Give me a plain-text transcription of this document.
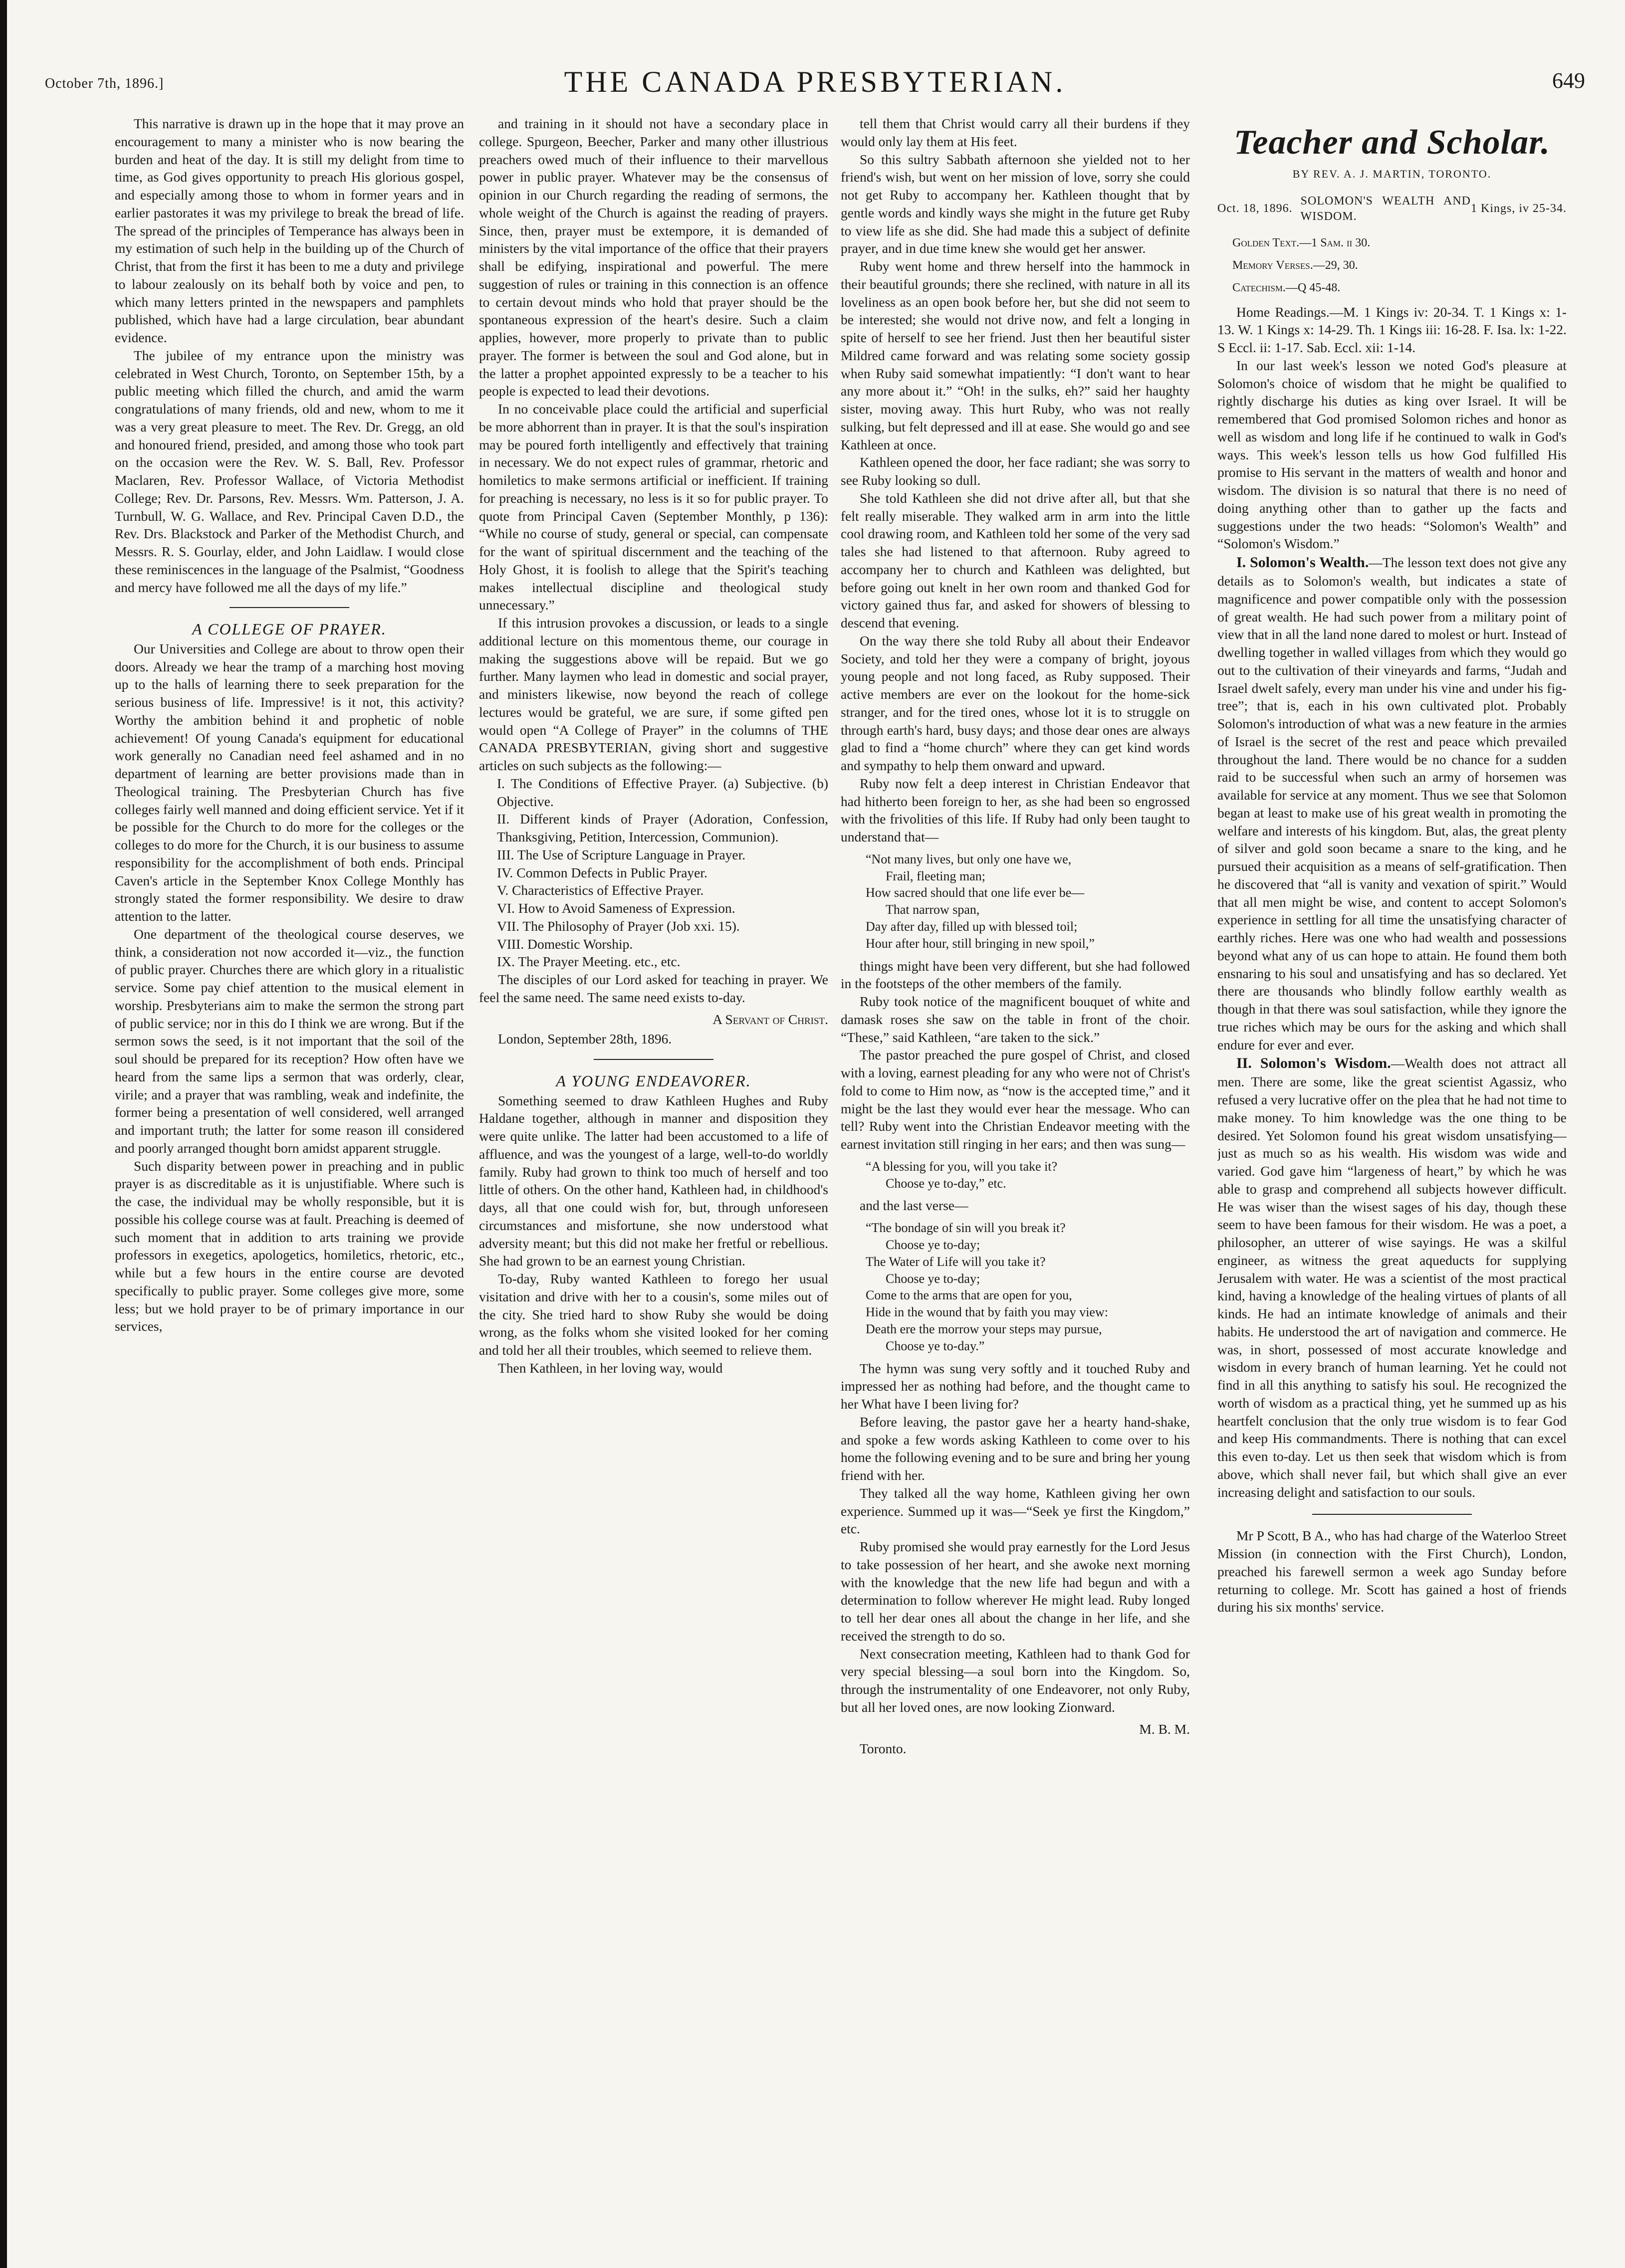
October 7th, 1896.]	THE CANADA PRESBYTERIAN.	649

This narrative is drawn up in the hope that it may prove an encouragement to many a minister who is now bearing the burden and heat of the day. It is still my delight from time to time, as God gives opportunity to preach His glorious gospel, and especially among those to whom in former years and in earlier pastorates it was my privilege to break the bread of life. The spread of the principles of Temperance has always been in my estimation of such help in the building up of the Church of Christ, that from the first it has been to me a duty and privilege to labour zealously on its behalf both by voice and pen, to which many letters printed in the newspapers and pamphlets published, which have had a large circulation, bear abundant evidence.

The jubilee of my entrance upon the ministry was celebrated in West Church, Toronto, on September 15th, by a public meeting which filled the church, and amid the warm congratulations of many friends, old and new, whom to me it was a very great pleasure to meet. The Rev. Dr. Gregg, an old and honoured friend, presided, and among those who took part on the occasion were the Rev. W. S. Ball, Rev. Professor Maclaren, Rev. Professor Wallace, of Victoria Methodist College; Rev. Dr. Parsons, Rev. Messrs. Wm. Patterson, J. A. Turnbull, W. G. Wallace, and Rev. Principal Caven D.D., the Rev. Drs. Blackstock and Parker of the Methodist Church, and Messrs. R. S. Gourlay, elder, and John Laidlaw. I would close these reminiscences in the language of the Psalmist, “Goodness and mercy have followed me all the days of my life.”

A COLLEGE OF PRAYER.

Our Universities and College are about to throw open their doors. Already we hear the tramp of a marching host moving up to the halls of learning there to seek preparation for the serious business of life. Impressive! is it not, this activity? Worthy the ambition behind it and prophetic of noble achievement! Of young Canada's equipment for educational work generally no Canadian need feel ashamed and in no department of learning are better provisions made than in Theological training. The Presbyterian Church has five colleges fairly well manned and doing efficient service. Yet if it be possible for the Church to do more for the colleges or the colleges to do more for the Church, it is our business to assume responsibility for the accomplishment of both ends. Principal Caven's article in the September Knox College Monthly has strongly stated the former responsibility. We desire to draw attention to the latter.

One department of the theological course deserves, we think, a consideration not now accorded it—viz., the function of public prayer. Churches there are which glory in a ritualistic service. Some pay chief attention to the musical element in worship. Presbyterians aim to make the sermon the strong part of public service; nor in this do I think we are wrong. But if the sermon sows the seed, is it not important that the soil of the soul should be prepared for its reception? How often have we heard from the same lips a sermon that was orderly, clear, virile; and a prayer that was rambling, weak and indefinite, the former being a presentation of well considered, well arranged and important truth; the latter for some reason ill considered and poorly arranged thought born amidst apparent struggle.

Such disparity between power in preaching and in public prayer is as discreditable as it is unjustifiable. Where such is the case, the individual may be wholly responsible, but it is possible his college course was at fault. Preaching is deemed of such moment that in addition to arts training we provide professors in exegetics, apologetics, homiletics, rhetoric, etc., while but a few hours in the entire course are devoted specifically to public prayer. Some colleges give more, some less; but we hold prayer to be of primary importance in our services,

and training in it should not have a secondary place in college. Spurgeon, Beecher, Parker and many other illustrious preachers owed much of their influence to their marvellous power in public prayer. Whatever may be the consensus of opinion in our Church regarding the reading of sermons, the whole weight of the Church is against the reading of prayers. Since, then, prayer must be extempore, it is demanded of ministers by the vital importance of the office that their prayers shall be edifying, inspirational and powerful. The mere suggestion of rules or training in this connection is an offence to certain devout minds who hold that prayer should be the spontaneous expression of the heart's desire. Such a claim applies, however, more properly to private than to public prayer. The former is between the soul and God alone, but in the latter a prophet appointed expressly to be a teacher to his people is expected to lead their devotions.

In no conceivable place could the artificial and superficial be more abhorrent than in prayer. It is that the soul's inspiration may be poured forth intelligently and effectively that training in necessary. We do not expect rules of grammar, rhetoric and homiletics to make sermons artificial or inefficient. If training for preaching is necessary, no less is it so for public prayer. To quote from Principal Caven (September Monthly, p 136): “While no course of study, general or special, can compensate for the want of spiritual discernment and the teaching of the Holy Ghost, it is foolish to allege that the Spirit's teaching makes intellectual discipline and theological study unnecessary.”

If this intrusion provokes a discussion, or leads to a single additional lecture on this momentous theme, our courage in making the suggestions above will be repaid. But we go further. Many laymen who lead in domestic and social prayer, and ministers likewise, now beyond the reach of college lectures would be grateful, we are sure, if some gifted pen would open “A College of Prayer” in the columns of THE CANADA PRESBYTERIAN, giving short and suggestive articles on such subjects as the following:—

I. The Conditions of Effective Prayer. (a) Subjective. (b) Objective.

II. Different kinds of Prayer (Adoration, Confession, Thanksgiving, Petition, Intercession, Communion).

III. The Use of Scripture Language in Prayer.

IV. Common Defects in Public Prayer.

V. Characteristics of Effective Prayer.

VI. How to Avoid Sameness of Expression.

VII. The Philosophy of Prayer (Job xxi. 15).

VIII. Domestic Worship.

IX. The Prayer Meeting. etc., etc.

The disciples of our Lord asked for teaching in prayer. We feel the same need. The same need exists to-day.

A Servant of Christ.

London, September 28th, 1896.

A YOUNG ENDEAVORER.

Something seemed to draw Kathleen Hughes and Ruby Haldane together, although in manner and disposition they were quite unlike. The latter had been accustomed to a life of affluence, and was the youngest of a large, well-to-do worldly family. Ruby had grown to think too much of herself and too little of others. On the other hand, Kathleen had, in childhood's days, all that one could wish for, but, through unforeseen circumstances and misfortune, she now understood what adversity meant; but this did not make her fretful or rebellious. She had grown to be an earnest young Christian.

To-day, Ruby wanted Kathleen to forego her usual visitation and drive with her to a cousin's, some miles out of the city. She tried hard to show Ruby she would be doing wrong, as the folks whom she visited looked for her coming and told her all their troubles, which seemed to relieve them.

Then Kathleen, in her loving way, would

tell them that Christ would carry all their burdens if they would only lay them at His feet.

So this sultry Sabbath afternoon she yielded not to her friend's wish, but went on her mission of love, sorry she could not get Ruby to accompany her. Kathleen thought that by gentle words and kindly ways she might in the future get Ruby to view life as she did. She had made this a subject of definite prayer, and in due time knew she would get her answer.

Ruby went home and threw herself into the hammock in their beautiful grounds; there she reclined, with nature in all its loveliness as an open book before her, but she did not seem to be interested; she would not drive now, and felt a longing in spite of herself to see her friend. Just then her beautiful sister Mildred came forward and was relating some society gossip when Ruby said somewhat impatiently: “I don't want to hear any more about it.” “Oh! in the sulks, eh?” said her haughty sister, moving away. This hurt Ruby, who was not really sulking, but felt depressed and ill at ease. She would go and see Kathleen at once.

Kathleen opened the door, her face radiant; she was sorry to see Ruby looking so dull.

She told Kathleen she did not drive after all, but that she felt really miserable. They walked arm in arm into the little cool drawing room, and Kathleen told her some of the very sad tales she had listened to that afternoon. Ruby agreed to accompany her to church and Kathleen was delighted, but before going out knelt in her own room and thanked God for victory gained thus far, and asked for showers of blessing to descend that evening.

On the way there she told Ruby all about their Endeavor Society, and told her they were a company of bright, joyous young people and not long faced, as Ruby supposed. Their active members are ever on the lookout for the home-sick stranger, and for the tired ones, whose lot it is to struggle on through earth's hard, busy days; and those dear ones are always glad to find a “home church” where they can get kind words and sympathy to help them onward and upward.

Ruby now felt a deep interest in Christian Endeavor that had hitherto been foreign to her, as she had been so engrossed with the frivolities of this life. If Ruby had only been taught to understand that—

“Not many lives, but only one have we,
Frail, fleeting man;
How sacred should that one life ever be—
That narrow span,
Day after day, filled up with blessed toil;
Hour after hour, still bringing in new spoil,”

things might have been very different, but she had followed in the footsteps of the other members of the family.

Ruby took notice of the magnificent bouquet of white and damask roses she saw on the table in front of the choir. “These,” said Kathleen, “are taken to the sick.”

The pastor preached the pure gospel of Christ, and closed with a loving, earnest pleading for any who were not of Christ's fold to come to Him now, as “now is the accepted time,” and it might be the last they would ever hear the message. Who can tell? Ruby went into the Christian Endeavor meeting with the earnest invitation still ringing in her ears; and then was sung—

“A blessing for you, will you take it?
Choose ye to-day,” etc.

and the last verse—

“The bondage of sin will you break it?
Choose ye to-day;
The Water of Life will you take it?
Choose ye to-day;
Come to the arms that are open for you,
Hide in the wound that by faith you may view:
Death ere the morrow your steps may pursue,
Choose ye to-day.”

The hymn was sung very softly and it touched Ruby and impressed her as nothing had before, and the thought came to her What have I been living for?

Before leaving, the pastor gave her a hearty hand-shake, and spoke a few words asking Kathleen to come over to his home the following evening and to be sure and bring her young friend with her.

They talked all the way home, Kathleen giving her own experience. Summed up it was—“Seek ye first the Kingdom,” etc.

Ruby promised she would pray earnestly for the Lord Jesus to take possession of her heart, and she awoke next morning with the knowledge that the new life had begun and with a determination to follow wherever He might lead. Ruby longed to tell her dear ones all about the change in her life, and she received the strength to do so.

Next consecration meeting, Kathleen had to thank God for very special blessing—a soul born into the Kingdom. So, through the instrumentality of one Endeavorer, not only Ruby, but all her loved ones, are now looking Zionward.

M. B. M.

Toronto.

Teacher and Scholar.
BY REV. A. J. MARTIN, TORONTO.
Oct. 18, 1896.
SOLOMON'S WEALTH AND WISDOM.
1 Kings, iv 25-34.
Golden Text.—1 Sam. ii 30.
Memory Verses.—29, 30.
Catechism.—Q 45-48.

Home Readings.—M. 1 Kings iv: 20-34. T. 1 Kings x: 1-13. W. 1 Kings x: 14-29. Th. 1 Kings iii: 16-28. F. Isa. lx: 1-22. S Eccl. ii: 1-17. Sab. Eccl. xii: 1-14.

In our last week's lesson we noted God's pleasure at Solomon's choice of wisdom that he might be qualified to rightly discharge his duties as king over Israel. It will be remembered that God promised Solomon riches and honor as well as wisdom and long life if he continued to walk in God's ways. This week's lesson tells us how God fulfilled His promise to His servant in the matters of wealth and honor and wisdom. The division is so natural that there is no need of doing anything other than to gather up the facts and suggestions under the two heads: “Solomon's Wealth” and “Solomon's Wisdom.”

I. Solomon's Wealth.—The lesson text does not give any details as to Solomon's wealth, but indicates a state of magnificence and power compatible only with the possession of great wealth. He had such power from a military point of view that in all the land none dared to molest or hurt. Instead of dwelling together in walled villages from which they would go out to the cultivation of their vineyards and farms, “Judah and Israel dwelt safely, every man under his vine and under his fig-tree”; that is, each in his own cultivated plot. Probably Solomon's introduction of what was a new feature in the armies of Israel is the secret of the rest and peace which prevailed throughout the land. There would be no chance for a sudden raid to be successful when such an army of horsemen was available for service at any moment. Thus we see that Solomon began at least to make use of his great wealth in promoting the welfare and interests of his kingdom. But, alas, the great plenty of silver and gold soon became a snare to the king, and he pursued their acquisition as a means of self-gratification. Then he discovered that “all is vanity and vexation of spirit.” Would that all men might be wise, and content to accept Solomon's experience in settling for all time the unsatisfying character of earthly riches. Here was one who had wealth and possessions beyond what any of us can hope to attain. He found them both ensnaring to his soul and unsatisfying and has so declared. Yet there are thousands who blindly follow earthly wealth as though in that there was soul satisfaction, while they ignore the true riches which may be ours for the asking and which shall endure for ever and ever.

II. Solomon's Wisdom.—Wealth does not attract all men. There are some, like the great scientist Agassiz, who refused a very lucrative offer on the plea that he had not time to make money. To him knowledge was the one thing to be desired. Yet Solomon found his great wisdom unsatisfying—just as much so as his wealth. His wisdom was wide and varied. God gave him “largeness of heart,” by which he was able to grasp and comprehend all subjects however difficult. He was wiser than the wisest sages of his day, though these seem to have been famous for their wisdom. He was a poet, a philosopher, an utterer of wise sayings. He was a skilful engineer, as witness the great aqueducts for supplying Jerusalem with water. He was a scientist of the most practical kind, having a knowledge of the healing virtues of plants of all kinds. He had an intimate knowledge of animals and their habits. He understood the art of navigation and commerce. He was, in short, possessed of most accurate knowledge and wisdom in every branch of human learning. Yet he could not find in all this anything to satisfy his soul. He recognized the worth of wisdom as a practical thing, yet he summed up as his heartfelt conclusion that the only true wisdom is to fear God and keep His commandments. There is nothing that can excel this even to-day. Let us then seek that wisdom which is from above, which shall never fail, but which shall give an ever increasing delight and satisfaction to our souls.

Mr P Scott, B A., who has had charge of the Waterloo Street Mission (in connection with the First Church), London, preached his farewell sermon a week ago Sunday before returning to college. Mr. Scott has gained a host of friends during his six months' service.
